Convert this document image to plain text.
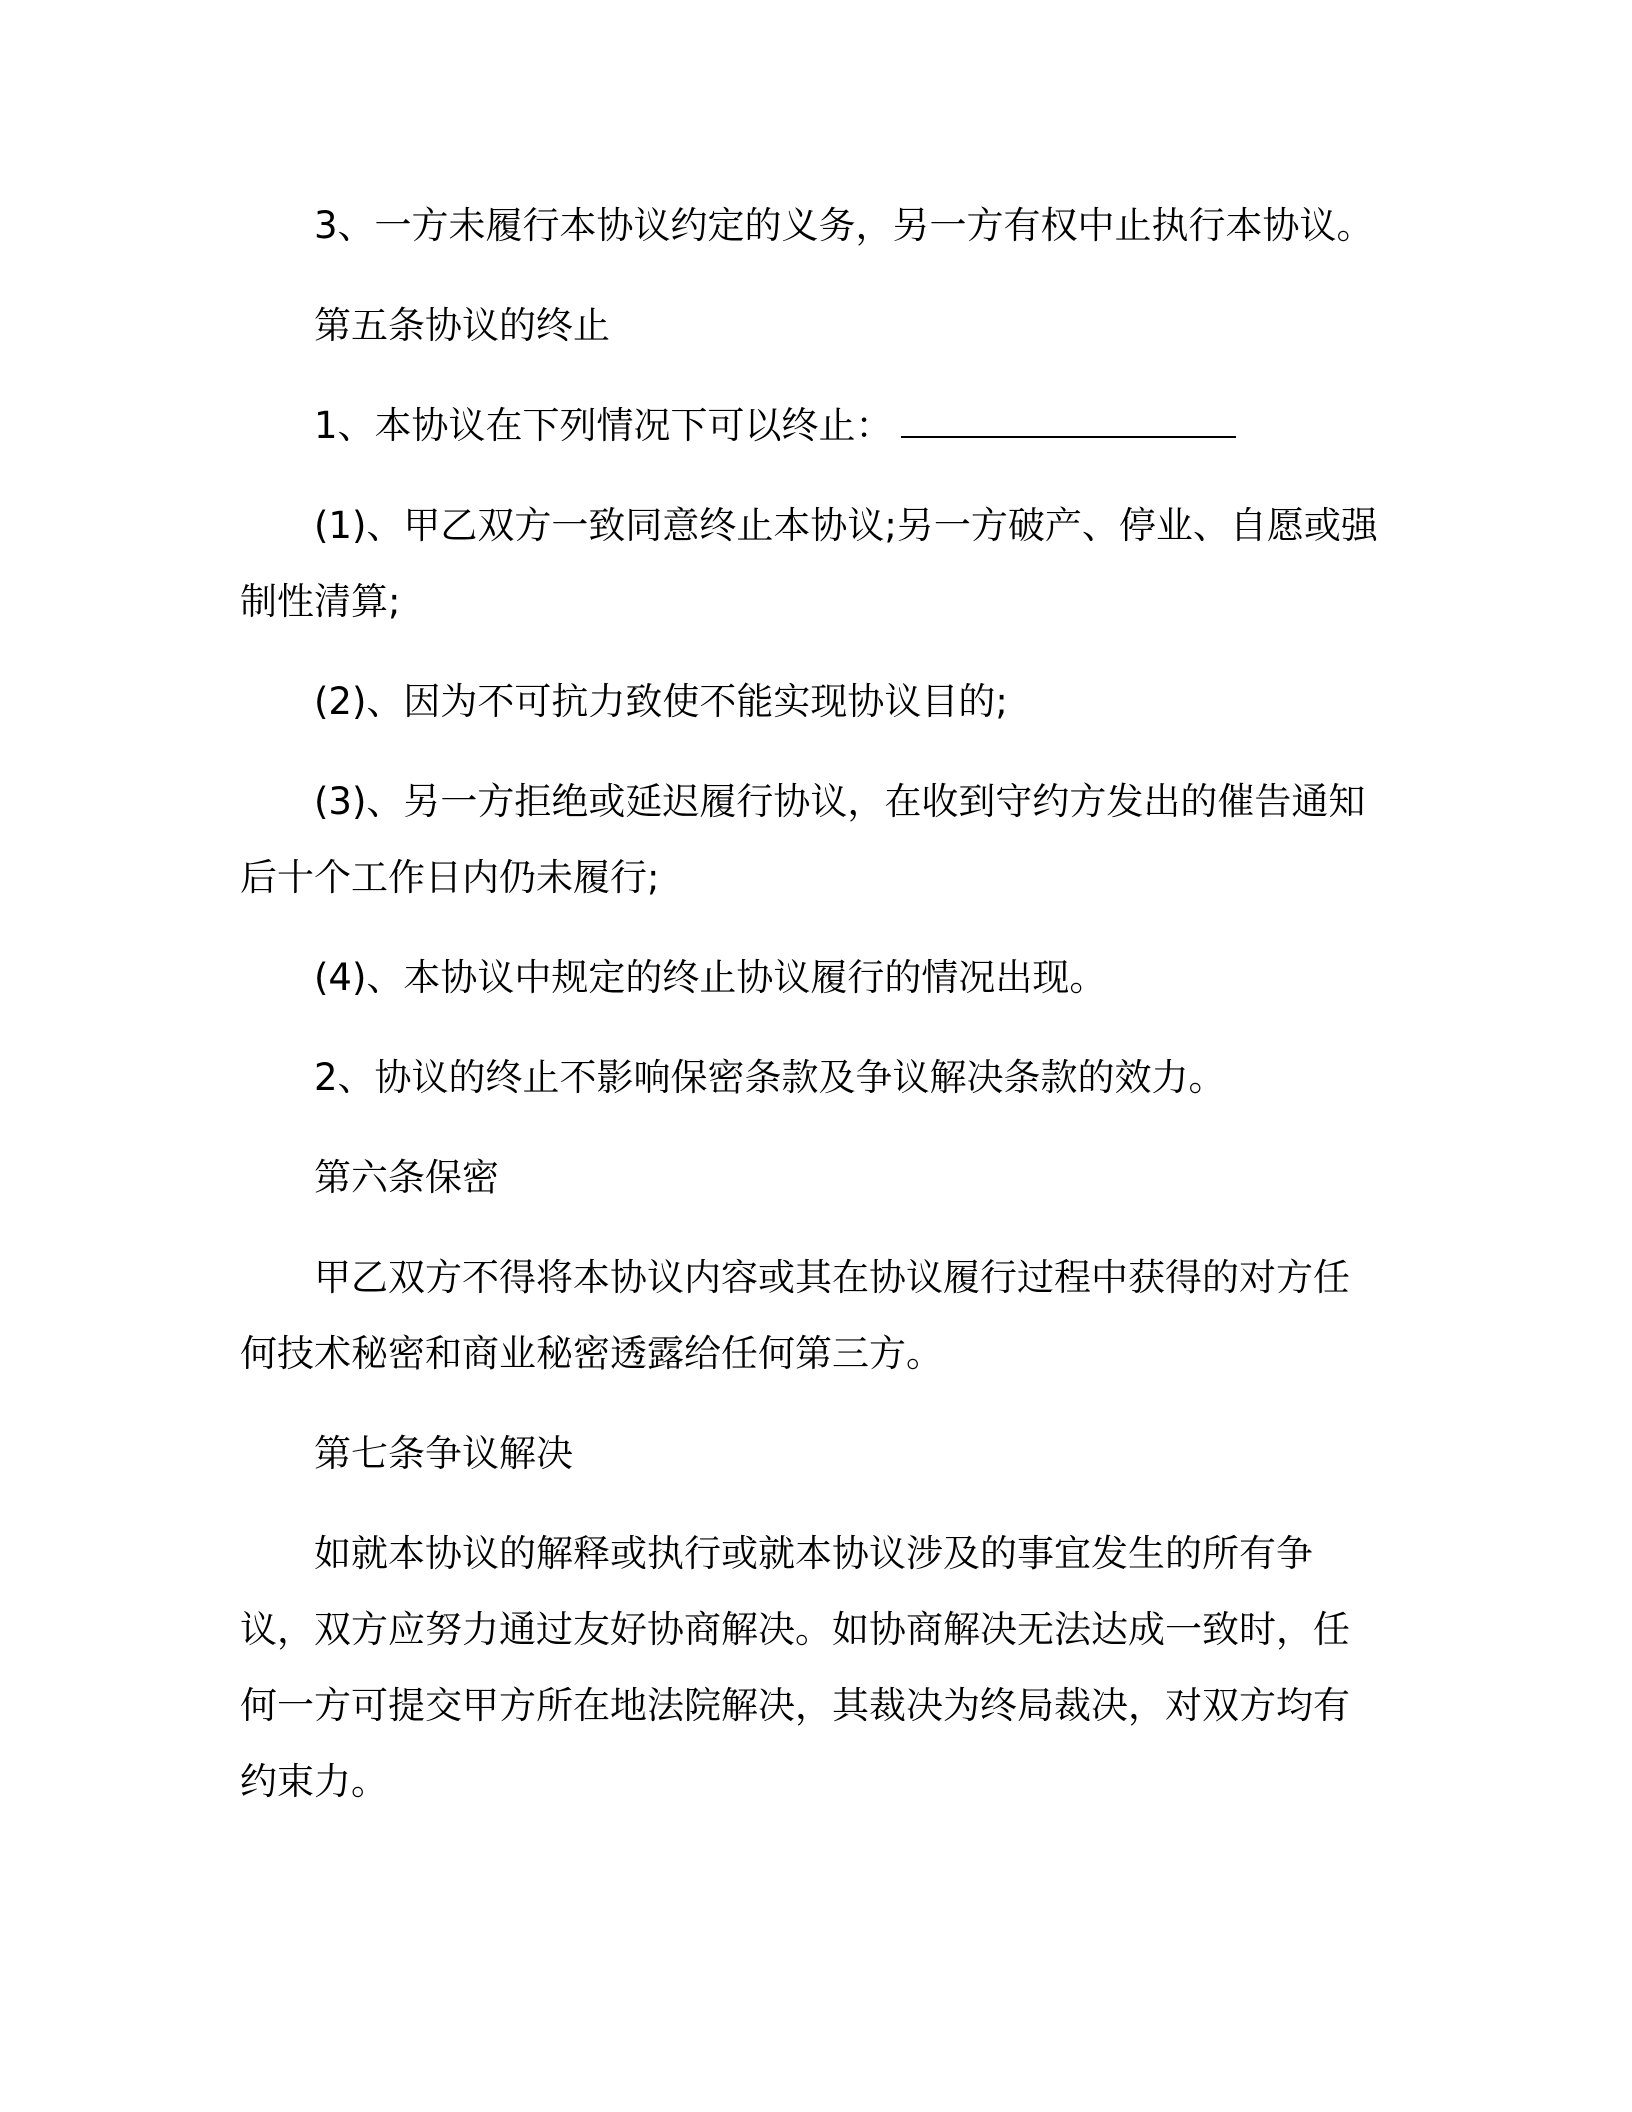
3、一方未履行本协议约定的义务，另一方有权中止执行本协议。

第五条协议的终止

1、本协议在下列情况下可以终止：

(1)、甲乙双方一致同意终止本协议;另一方破产、停业、自愿或强制性清算;

(2)、因为不可抗力致使不能实现协议目的;

(3)、另一方拒绝或延迟履行协议，在收到守约方发出的催告通知后十个工作日内仍未履行;

(4)、本协议中规定的终止协议履行的情况出现。

2、协议的终止不影响保密条款及争议解决条款的效力。

第六条保密

甲乙双方不得将本协议内容或其在协议履行过程中获得的对方任何技术秘密和商业秘密透露给任何第三方。

第七条争议解决

如就本协议的解释或执行或就本协议涉及的事宜发生的所有争议，双方应努力通过友好协商解决。如协商解决无法达成一致时，任何一方可提交甲方所在地法院解决，其裁决为终局裁决，对双方均有约束力。
